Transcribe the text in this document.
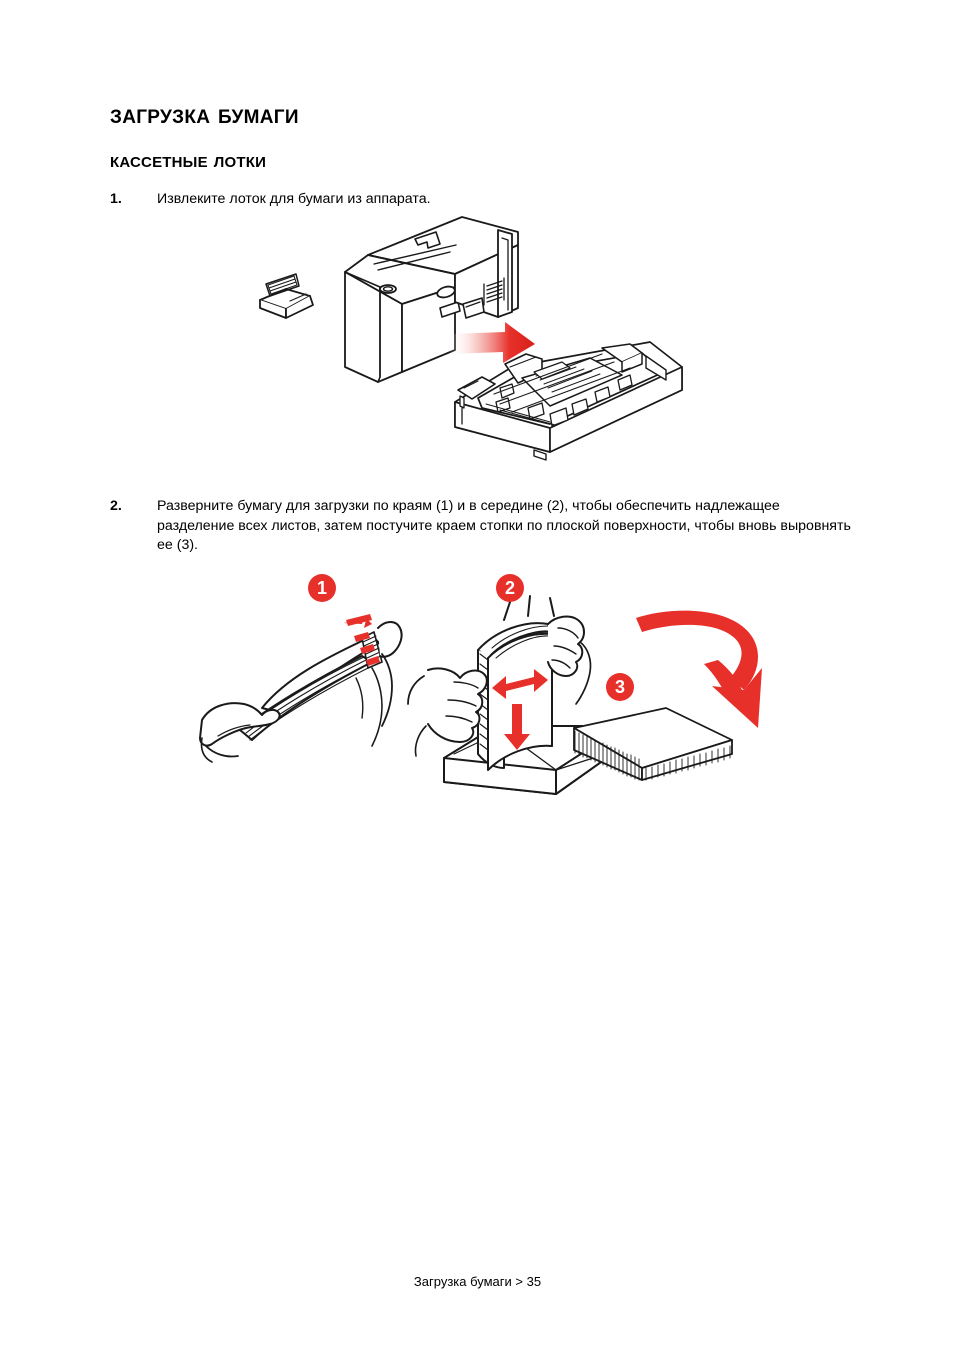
загрузка бумаги
кассетные лотки
1.	Извлеките лоток для бумаги из аппарата.
2.	Разверните бумагу для загрузки по краям (1) и в середине (2), чтобы обеспечить надлежащее разделение всех листов, затем постучите краем стопки по плоской поверхности, чтобы вновь выровнять ее (3).
1	2
3
Загрузка бумаги > 35
